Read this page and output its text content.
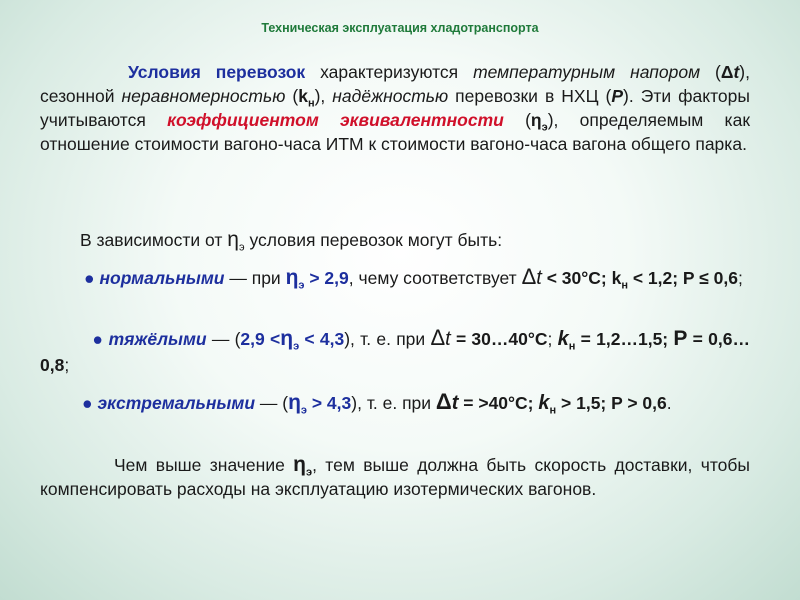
Техническая эксплуатация хладотранспорта
Условия перевозок характеризуются температурным напором (Δt), сезонной неравномерностью $(k_н)$, надёжностью перевозки в НХЦ (P). Эти факторы учитываются коэффициентом эквивалентности $(\eta_э)$, определяемым как отношение стоимости вагоно-часа ИТМ к стоимости вагоно-часа вагона общего парка.
В зависимости от $\eta_э$ условия перевозок могут быть:
● нормальными — при $\eta_э > 2,9$, чему соответствует Δt < 30°C; $k_н < 1,2$; P ≤ 0,6;
● тяжёлыми — $(2,9 <\eta_э < 4,3)$, т. е. при Δt = 30…40°C; $k_н$ = 1,2…1,5; P = 0,6…0,8;
● экстремальными — $(\eta_э > 4,3)$, т. е. при Δt = >40°C; $k_н > 1,5$; P > 0,6.
Чем выше значение $\eta_э$, тем выше должна быть скорость доставки, чтобы компенсировать расходы на эксплуатацию изотермических вагонов.
